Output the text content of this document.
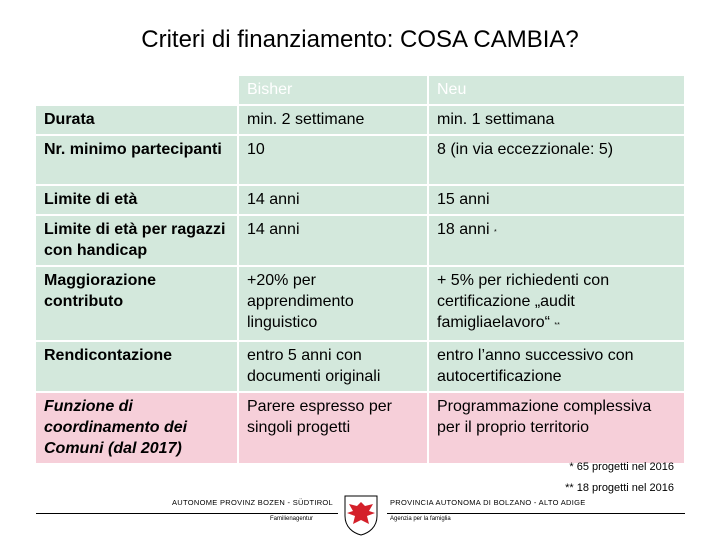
Criteri di finanziamento: COSA CAMBIA?
	Bisher	Neu
Durata	min. 2 settimane	min. 1 settimana
Nr. minimo partecipanti	10	8 (in via eccezzionale: 5)
Limite di età	14 anni	15 anni
Limite di età per ragazzi con handicap	14 anni	18 anni *
Maggiorazione contributo	+20% per apprendimento linguistico	+ 5% per richiedenti con certificazione „audit famigliaelavoro“ **
Rendicontazione	entro 5 anni con documenti originali	entro l’anno successivo con autocertificazione
Funzione di coordinamento dei Comuni (dal 2017)	Parere espresso per singoli progetti	Programmazione complessiva per il proprio territorio
* 65 progetti nel 2016
** 18 progetti nel 2016
AUTONOME PROVINZ BOZEN - SÜDTIROL
Familienagentur
PROVINCIA AUTONOMA DI BOLZANO - ALTO ADIGE
Agenzia per la famiglia
